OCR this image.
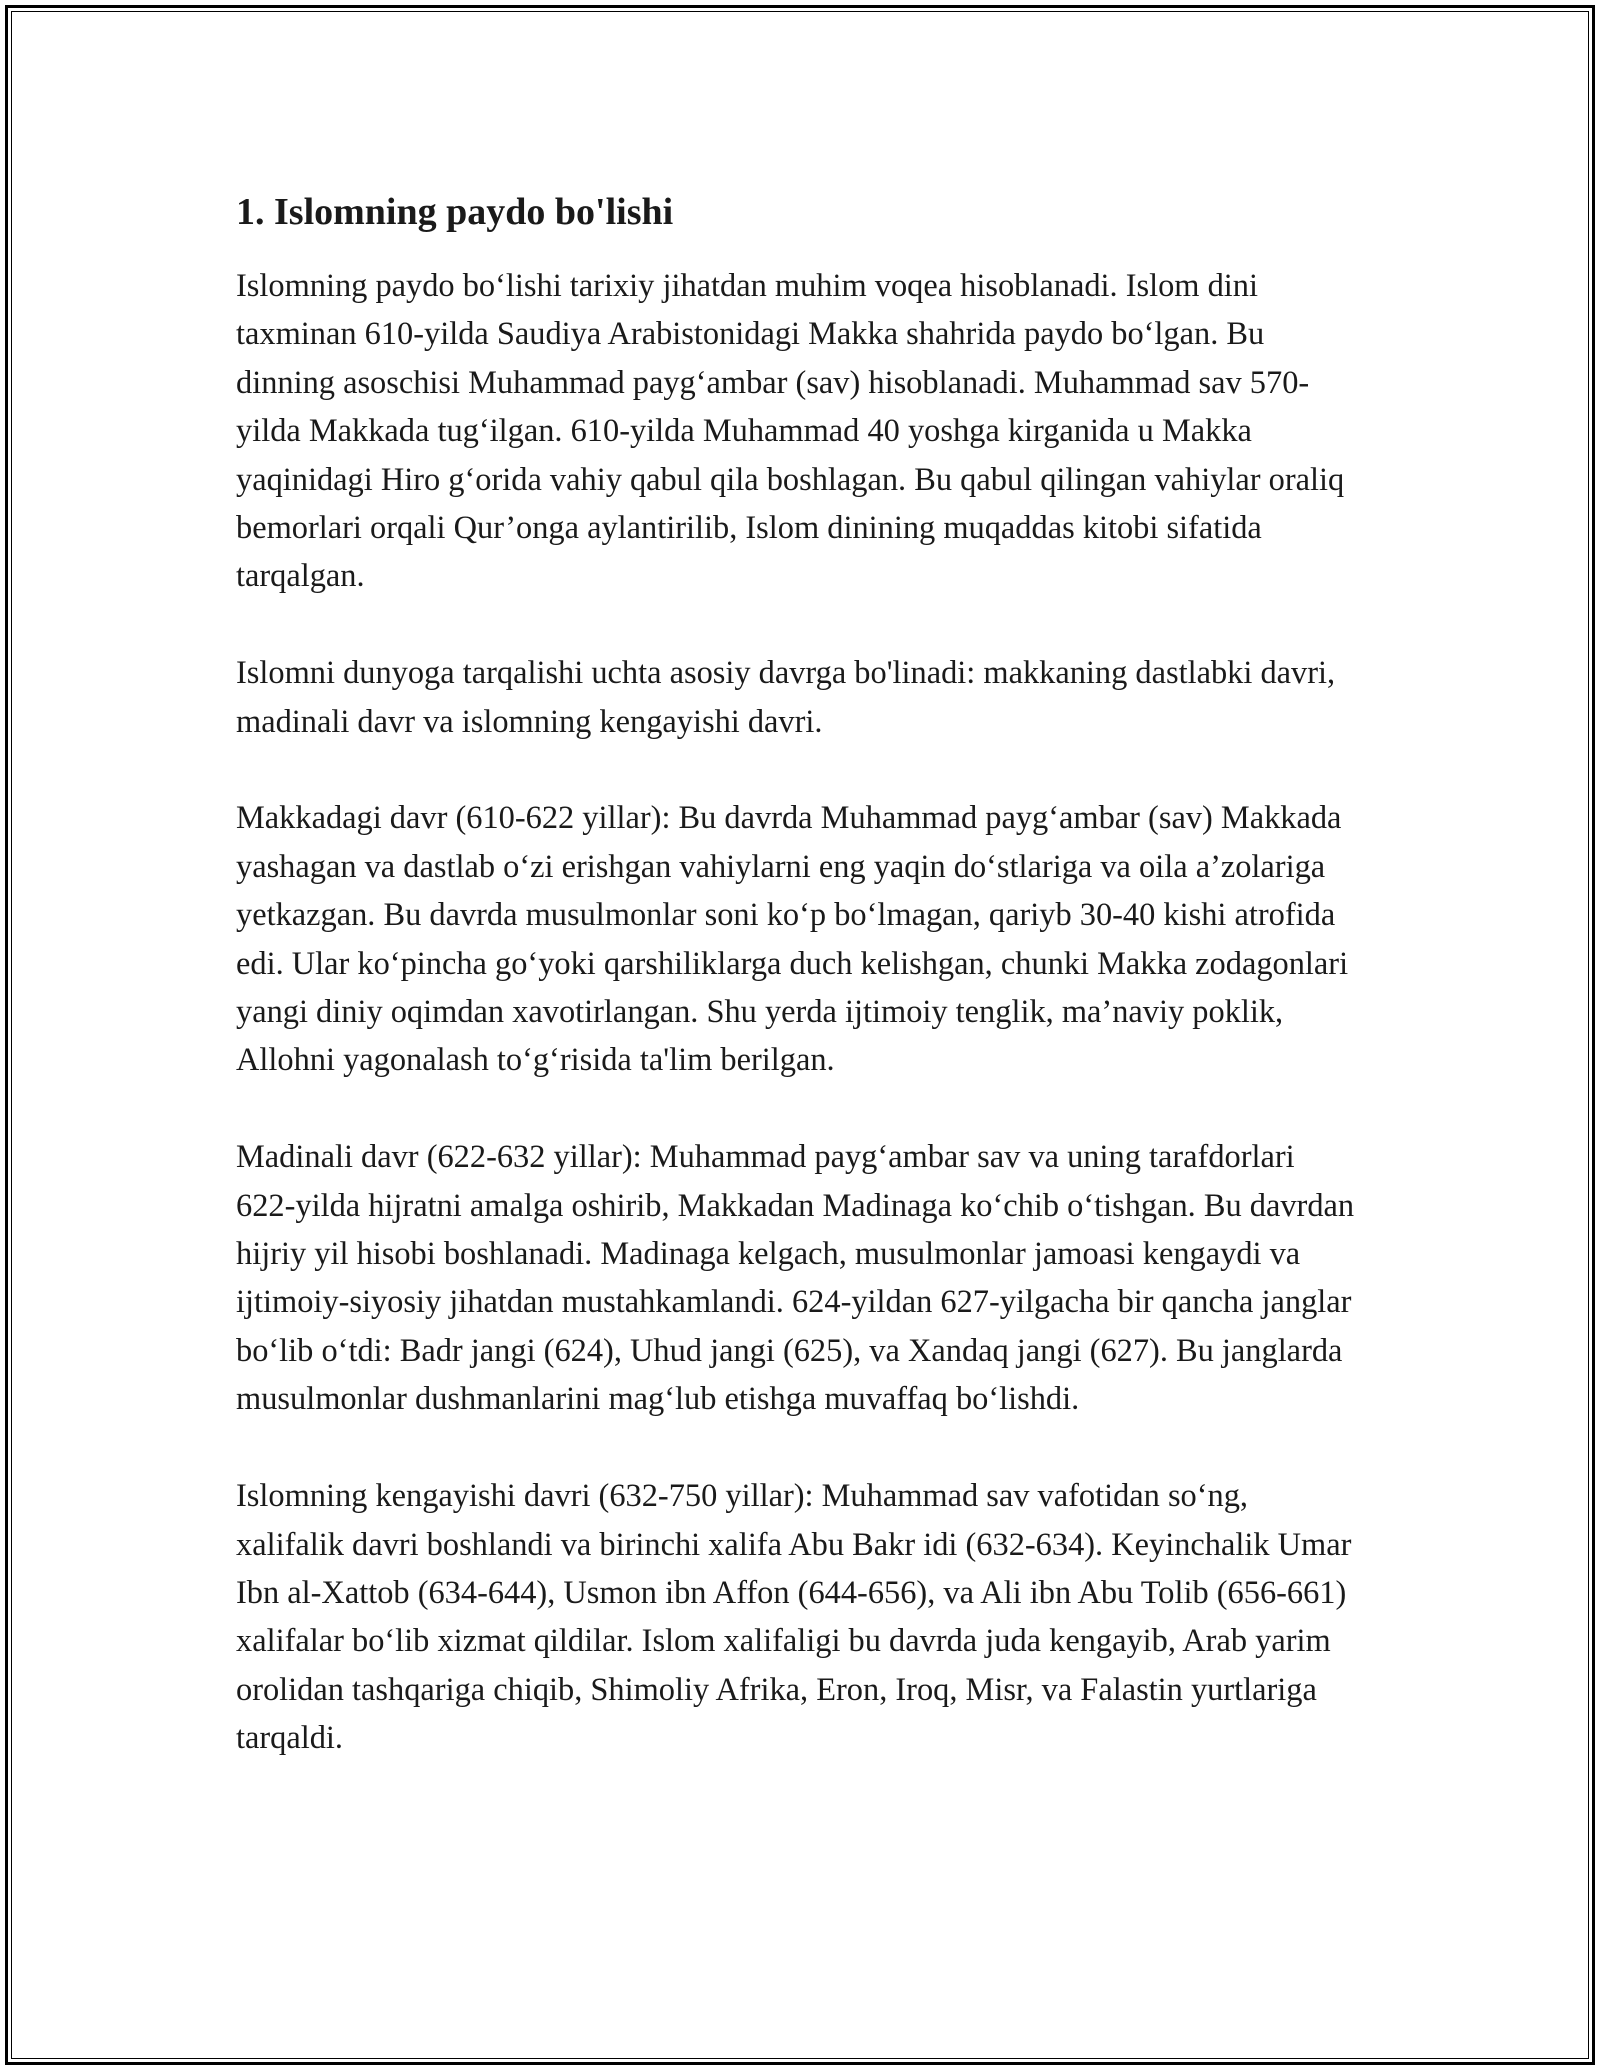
1. Islomning paydo bo'lishi

Islomning paydo boʻlishi tarixiy jihatdan muhim voqea hisoblanadi. Islom dini taxminan 610-yilda Saudiya Arabistonidagi Makka shahrida paydo boʻlgan. Bu dinning asoschisi Muhammad paygʻambar (sav) hisoblanadi. Muhammad sav 570-yilda Makkada tugʻilgan. 610-yilda Muhammad 40 yoshga kirganida u Makka yaqinidagi Hiro gʻorida vahiy qabul qila boshlagan. Bu qabul qilingan vahiylar oraliq bemorlari orqali Qur’onga aylantirilib, Islom dinining muqaddas kitobi sifatida tarqalgan.

Islomni dunyoga tarqalishi uchta asosiy davrga bo'linadi: makkaning dastlabki davri, madinali davr va islomning kengayishi davri.

Makkadagi davr (610-622 yillar): Bu davrda Muhammad paygʻambar (sav) Makkada yashagan va dastlab oʻzi erishgan vahiylarni eng yaqin doʻstlariga va oila a’zolariga yetkazgan. Bu davrda musulmonlar soni koʻp boʻlmagan, qariyb 30-40 kishi atrofida edi. Ular koʻpincha goʻyoki qarshiliklarga duch kelishgan, chunki Makka zodagonlari yangi diniy oqimdan xavotirlangan. Shu yerda ijtimoiy tenglik, ma’naviy poklik, Allohni yagonalash toʻgʻrisida ta'lim berilgan.

Madinali davr (622-632 yillar): Muhammad paygʻambar sav va uning tarafdorlari 622-yilda hijratni amalga oshirib, Makkadan Madinaga koʻchib oʻtishgan. Bu davrdan hijriy yil hisobi boshlanadi. Madinaga kelgach, musulmonlar jamoasi kengaydi va ijtimoiy-siyosiy jihatdan mustahkamlandi. 624-yildan 627-yilgacha bir qancha janglar boʻlib oʻtdi: Badr jangi (624), Uhud jangi (625), va Xandaq jangi (627). Bu janglarda musulmonlar dushmanlarini magʻlub etishga muvaffaq boʻlishdi.

Islomning kengayishi davri (632-750 yillar): Muhammad sav vafotidan soʻng, xalifalik davri boshlandi va birinchi xalifa Abu Bakr idi (632-634). Keyinchalik Umar Ibn al-Xattob (634-644), Usmon ibn Affon (644-656), va Ali ibn Abu Tolib (656-661) xalifalar boʻlib xizmat qildilar. Islom xalifaligi bu davrda juda kengayib, Arab yarim orolidan tashqariga chiqib, Shimoliy Afrika, Eron, Iroq, Misr, va Falastin yurtlariga tarqaldi.
